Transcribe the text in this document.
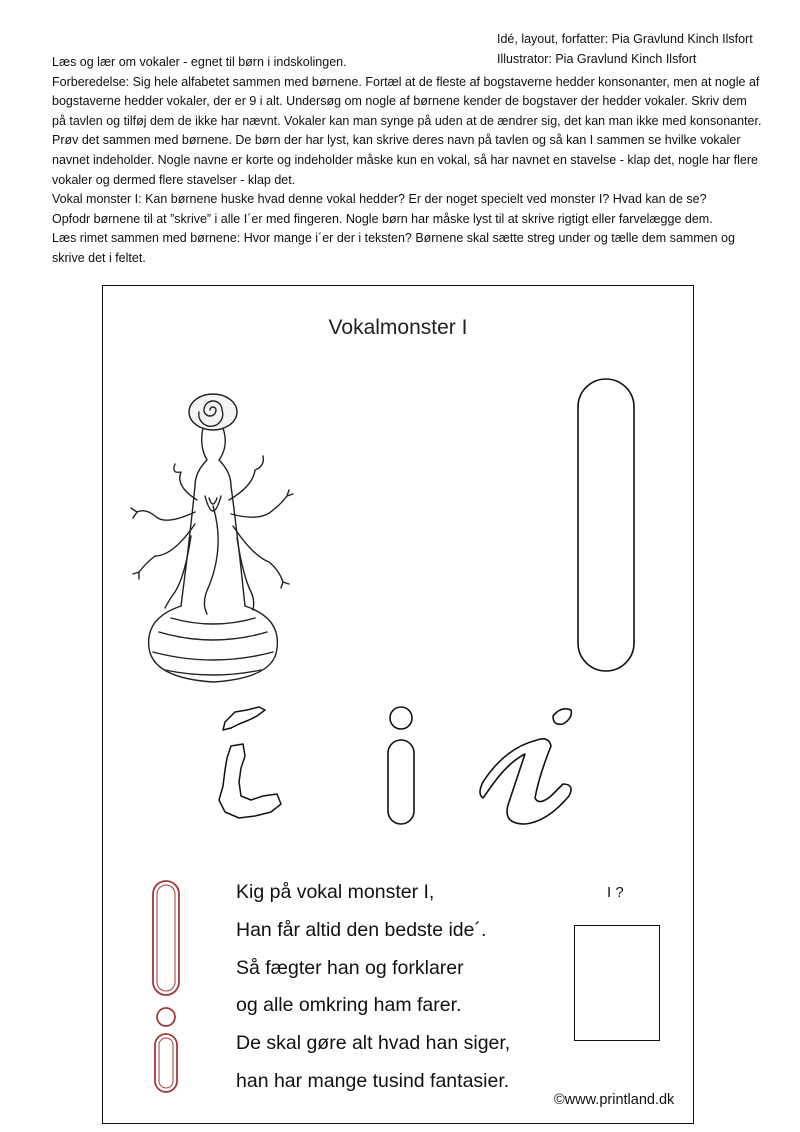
Idé, layout, forfatter: Pia Gravlund Kinch Ilsfort
Illustrator: Pia Gravlund Kinch Ilsfort

Læs og lær om vokaler - egnet til børn i indskolingen.

Forberedelse: Sig hele alfabetet sammen med børnene. Fortæl at de fleste af bogstaverne hedder konsonanter, men at nogle af bogstaverne hedder vokaler, der er 9 i alt. Undersøg om nogle af børnene kender de bogstaver der hedder vokaler. Skriv dem på tavlen og tilføj dem de ikke har nævnt. Vokaler kan man synge på uden at de ændrer sig, det kan man ikke med konsonanter. Prøv det sammen med børnene. De børn der har lyst, kan skrive deres navn på tavlen og så kan I sammen se hvilke vokaler navnet indeholder. Nogle navne er korte og indeholder måske kun en vokal, så har navnet en stavelse - klap det, nogle har flere vokaler og dermed flere stavelser - klap det.

Vokal monster I: Kan børnene huske hvad denne vokal hedder? Er der noget specielt ved monster I? Hvad kan de se?

Opfodr børnene til at ”skrive” i alle I´er med fingeren. Nogle børn har måske lyst til at skrive rigtigt eller farvelægge dem.

Læs rimet sammen med børnene: Hvor mange i´er der i teksten? Børnene skal sætte streg under og tælle dem sammen og skrive det i feltet.

Vokalmonster I
Kig på vokal monster I,
Han får altid den bedste ide´.
Så fægter han og forklarer
og alle omkring ham farer.
De skal gøre alt hvad han siger,
han har mange tusind fantasier.
I ?
©www.printland.dk
